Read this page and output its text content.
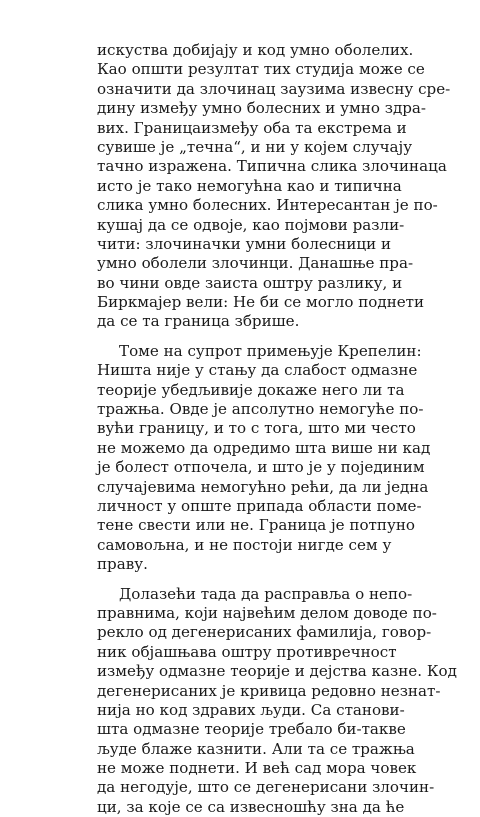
искуства добијају и код умно оболелих.
Као општи резултат тих студија може се
означити да злочинац заузима извесну сре-
дину између умно болесних и умно здра-
вих. Границаизмеђу оба та екстрема и
сувише је „течна“, и ни у којем случају
тачно изражена. Типична слика злочинаца
исто је тако немогућна као и типична
слика умно болесних. Интересантан је по-
кушај да се одвоје, као појмови разли-
чити: злочиначки умни болесници и
умно оболели злочинци. Данашње пра-
во чини овде заиста оштру разлику, и
Биркмајер вели: Не би се могло поднети
да се та граница збрише.
Томе на супрот примењује Крепелин:
Ништа није у стању да слабост одмазне
теорије убедљивије докаже него ли та
тражња. Овде је апсолутно немогуће по-
вући границу, и то с тога, што ми често
не можемо да одредимо шта више ни кад
је болест отпочела, и што је у појединим
случајевима немогућно рећи, да ли једна
личност у опште припада области поме-
тене свести или не. Граница је потпуно
самовољна, и не постоји нигде сем у
праву.
Долазећи тада да расправља о непо-
правнима, који највећим делом доводе по-
рекло од дегенерисаних фамилија, говор-
ник објашњава оштру противречност
између одмазне теорије и дејства казне. Код
дегенерисаних је кривица редовно незнат-
нија но код здравих људи. Са станови-
шта одмазне теорије требало би-такве
људе блаже казнити. Али та се тражња
не може поднети. И већ сад мора човек
да негодује, што се дегенерисани злочин-
ци, за које се са извесношћу зна да ће
